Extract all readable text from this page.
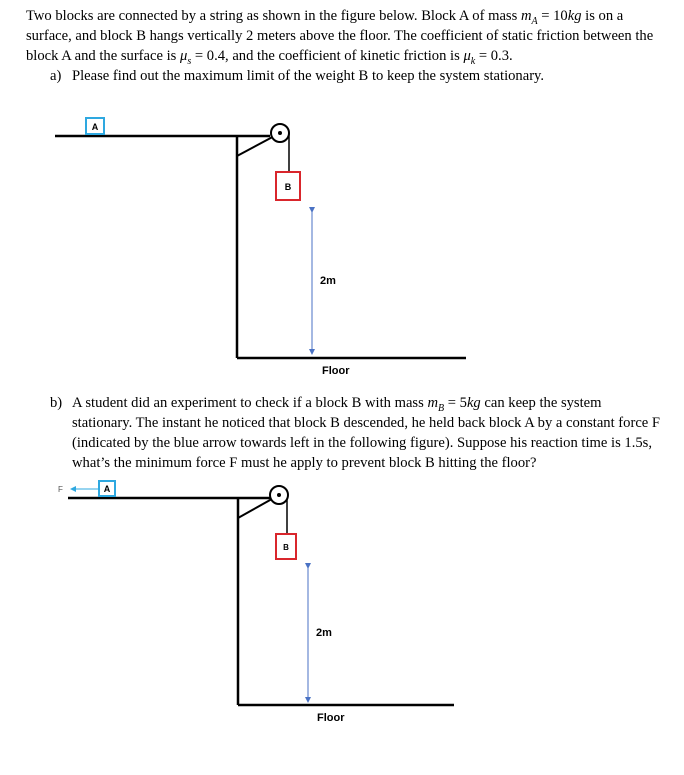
Two blocks are connected by a string as shown in the figure below. Block A of mass $m_A = 10kg$ is on a

surface, and block B hangs vertically 2 meters above the floor. The coefficient of static friction between the

block A and the surface is $\mu_s = 0.4$, and the coefficient of kinetic friction is $\mu_k = 0.3$.

a) Please find out the maximum limit of the weight B to keep the system stationary.

b) A student did an experiment to check if a block B with mass $m_B = 5kg$ can keep the system

stationary. The instant he noticed that block B descended, he held back block A by a constant force F

(indicated by the blue arrow towards left in the following figure). Suppose his reaction time is 1.5s,

what’s the minimum force F must he apply to prevent block B hitting the floor?

A
B
2m
Floor
A
F
B
2m
Floor
